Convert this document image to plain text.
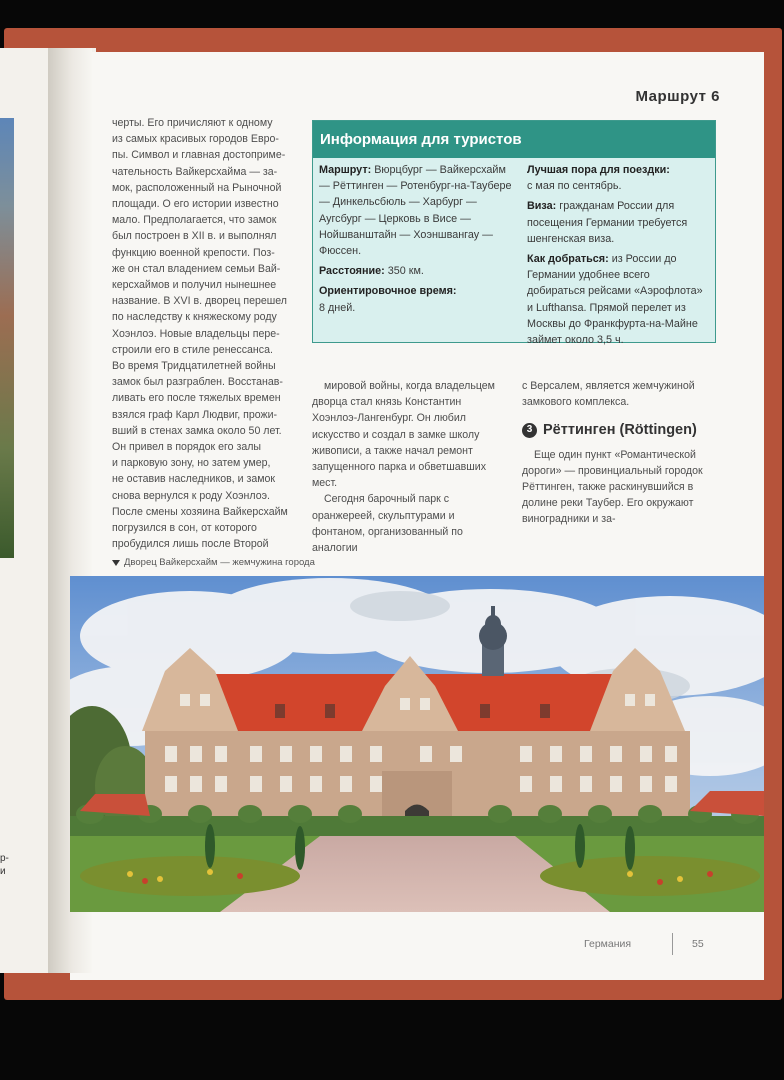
р-
и
Маршрут 6

черты. Его причисляют к одному

из самых красивых городов Евро-

пы. Символ и главная достоприме-

чательность Вайкерсхайма — за-

мок, расположенный на Рыночной

площади. О его истории известно

мало. Предполагается, что замок

был построен в XII в. и выполнял

функцию военной крепости. Поз-

же он стал владением семьи Вай-

керсхаймов и получил нынешнее

название. В XVI в. дворец перешел

по наследству к княжескому роду

Хоэнлоэ. Новые владельцы пере-

строили его в стиле ренессанса.

Во время Тридцатилетней войны

замок был разграблен. Восстанав-

ливать его после тяжелых времен

взялся граф Карл Людвиг, прожи-

вший в стенах замка около 50 лет.

Он привел в порядок его залы

и парковую зону, но затем умер,

не оставив наследников, и замок

снова вернулся к роду Хоэнлоэ.

После смены хозяина Вайкерсхайм

погрузился в сон, от которого

пробудился лишь после Второй

Информация для туристов

Маршрут: Вюрцбург — Вайкерсхайм — Рёттинген — Ротенбург-на-Таубере — Динкельсбюль — Харбург — Аугсбург — Церковь в Висе — Нойшванштайн — Хоэншвангау — Фюссен.

Расстояние: 350 км.

Ориентировочное время:
8 дней.

Лучшая пора для поездки:
с мая по сентябрь.

Виза: гражданам России для посещения Германии требуется шенгенская виза.

Как добраться: из России до Германии удобнее всего добираться рейсами «Аэрофлота» и Lufthansa. Прямой перелет из Москвы до Франкфурта-на-Майне займет около 3,5 ч.

мировой войны, когда владельцем дворца стал князь Константин Хоэнлоэ-Лангенбург. Он любил искусство и создал в замке школу живописи, а также начал ремонт запущенного парка и обветшавших мест.

Сегодня барочный парк с оранжереей, скульптурами и фонтаном, организованный по аналогии

с Версалем, является жемчужиной замкового комплекса.

3 Рёттинген (Röttingen)

Еще один пункт «Романтической дороги» — провинциальный городок Рёттинген, также раскинувшийся в долине реки Таубер. Его окружают виноградники и за-

Дворец Вайкерсхайм — жемчужина города
Германия	55
